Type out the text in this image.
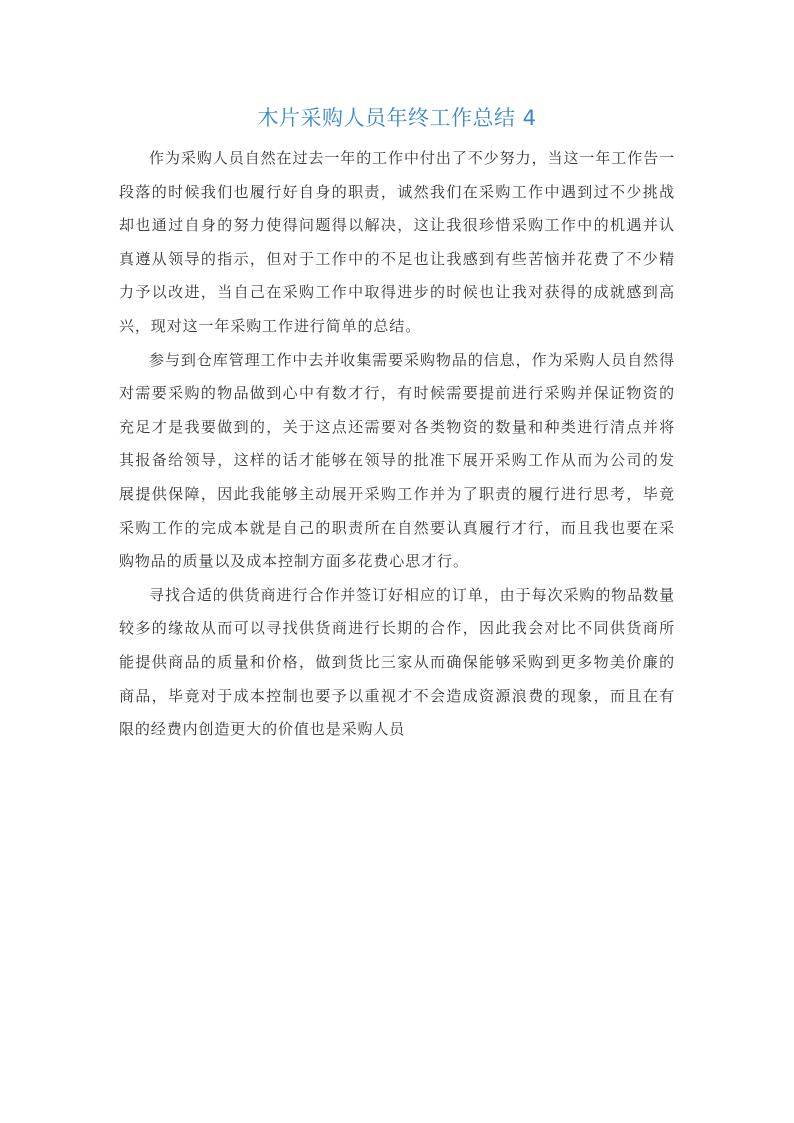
木片采购人员年终工作总结 4

作为采购人员自然在过去一年的工作中付出了不少努力，当这一年工作告一段落的时候我们也履行好自身的职责，诚然我们在采购工作中遇到过不少挑战却也通过自身的努力使得问题得以解决，这让我很珍惜采购工作中的机遇并认真遵从领导的指示，但对于工作中的不足也让我感到有些苦恼并花费了不少精力予以改进，当自己在采购工作中取得进步的时候也让我对获得的成就感到高兴，现对这一年采购工作进行简单的总结。

参与到仓库管理工作中去并收集需要采购物品的信息，作为采购人员自然得对需要采购的物品做到心中有数才行，有时候需要提前进行采购并保证物资的充足才是我要做到的，关于这点还需要对各类物资的数量和种类进行清点并将其报备给领导，这样的话才能够在领导的批准下展开采购工作从而为公司的发展提供保障，因此我能够主动展开采购工作并为了职责的履行进行思考，毕竟采购工作的完成本就是自己的职责所在自然要认真履行才行，而且我也要在采购物品的质量以及成本控制方面多花费心思才行。

寻找合适的供货商进行合作并签订好相应的订单，由于每次采购的物品数量较多的缘故从而可以寻找供货商进行长期的合作，因此我会对比不同供货商所能提供商品的质量和价格，做到货比三家从而确保能够采购到更多物美价廉的商品，毕竟对于成本控制也要予以重视才不会造成资源浪费的现象，而且在有限的经费内创造更大的价值也是采购人员
